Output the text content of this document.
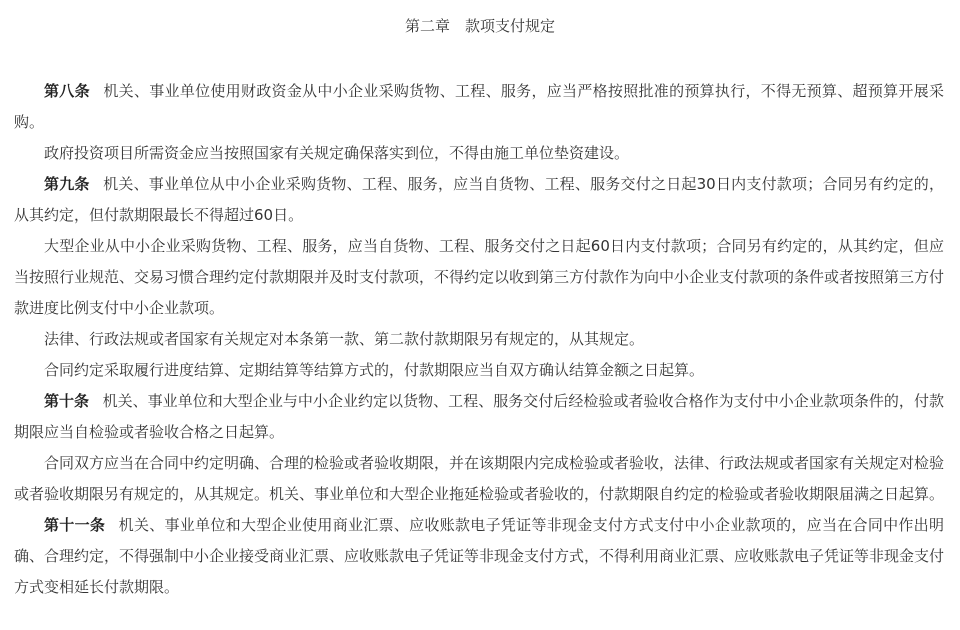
第二章　款项支付规定

第八条 机关、事业单位使用财政资金从中小企业采购货物、工程、服务，应当严格按照批准的预算执行，不得无预算、超预算开展采购。

政府投资项目所需资金应当按照国家有关规定确保落实到位，不得由施工单位垫资建设。

第九条 机关、事业单位从中小企业采购货物、工程、服务，应当自货物、工程、服务交付之日起30日内支付款项；合同另有约定的，从其约定，但付款期限最长不得超过60日。

大型企业从中小企业采购货物、工程、服务，应当自货物、工程、服务交付之日起60日内支付款项；合同另有约定的，从其约定，但应当按照行业规范、交易习惯合理约定付款期限并及时支付款项，不得约定以收到第三方付款作为向中小企业支付款项的条件或者按照第三方付款进度比例支付中小企业款项。

法律、行政法规或者国家有关规定对本条第一款、第二款付款期限另有规定的，从其规定。

合同约定采取履行进度结算、定期结算等结算方式的，付款期限应当自双方确认结算金额之日起算。

第十条 机关、事业单位和大型企业与中小企业约定以货物、工程、服务交付后经检验或者验收合格作为支付中小企业款项条件的，付款期限应当自检验或者验收合格之日起算。

合同双方应当在合同中约定明确、合理的检验或者验收期限，并在该期限内完成检验或者验收，法律、行政法规或者国家有关规定对检验或者验收期限另有规定的，从其规定。机关、事业单位和大型企业拖延检验或者验收的，付款期限自约定的检验或者验收期限届满之日起算。

第十一条 机关、事业单位和大型企业使用商业汇票、应收账款电子凭证等非现金支付方式支付中小企业款项的，应当在合同中作出明确、合理约定，不得强制中小企业接受商业汇票、应收账款电子凭证等非现金支付方式，不得利用商业汇票、应收账款电子凭证等非现金支付方式变相延长付款期限。
